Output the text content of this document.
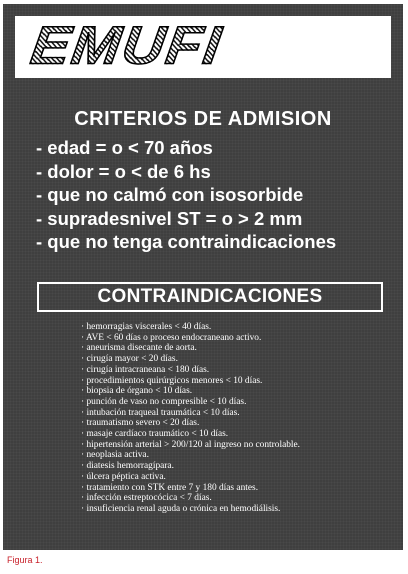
EMUFI
CRITERIOS DE ADMISION
- edad = o < 70 años
- dolor = o < de 6 hs
- que no calmó con isosorbide
- supradesnivel ST = o > 2 mm
- que no tenga contraindicaciones
CONTRAINDICACIONES
· hemorragias viscerales < 40 días.
· AVE < 60 días o proceso endocraneano activo.
· aneurisma disecante de aorta.
· cirugía mayor < 20 días.
· cirugía intracraneana < 180 días.
· procedimientos quirúrgicos menores < 10 días.
· biopsia de órgano < 10 días.
· punción de vaso no compresible < 10 días.
· intubación traqueal traumática < 10 días.
· traumatismo severo < 20 días.
· masaje cardíaco traumático < 10 días.
· hipertensión arterial > 200/120 al ingreso no controlable.
· neoplasia activa.
· diatesis hemorragípara.
· úlcera péptica activa.
· tratamiento con STK entre 7 y 180 días antes.
· infección estreptocócica < 7 días.
· insuficiencia renal aguda o crónica en hemodiálisis.

Figura 1.
